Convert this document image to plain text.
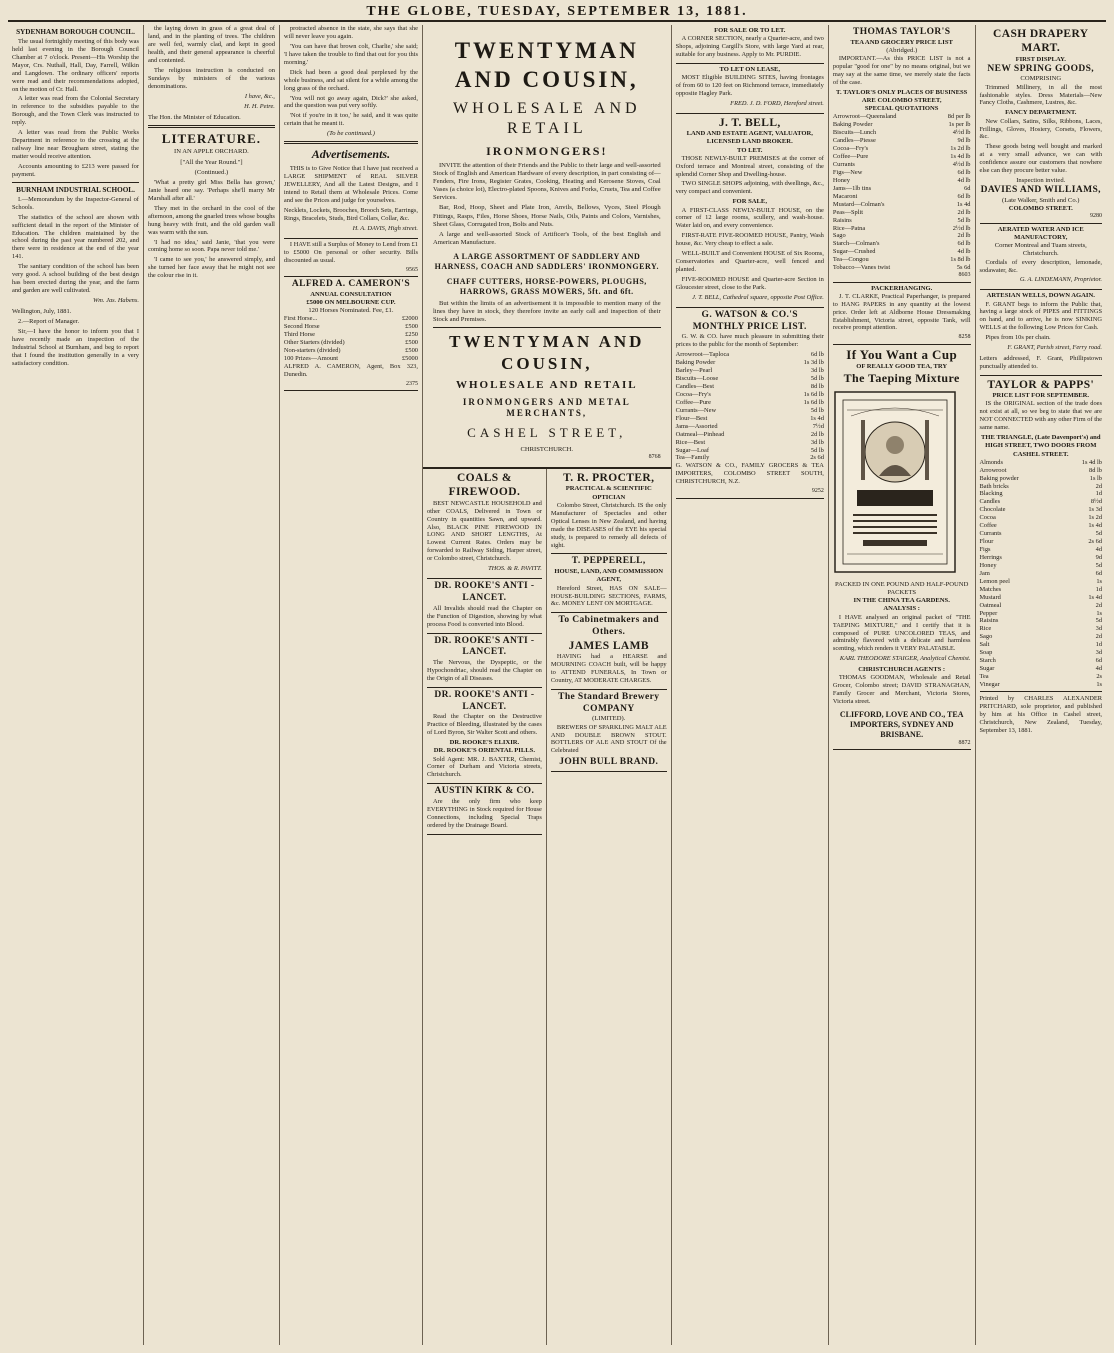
THE GLOBE, TUESDAY, SEPTEMBER 13, 1881.
SYDENHAM BOROUGH COUNCIL.

The usual fortnightly meeting of this body was held last evening in the Borough Council Chamber at 7 o'clock. Present—His Worship the Mayor, Crs. Nuthall, Hall, Day, Farrell, Wilkin and Langdown. The ordinary officers' reports were read and their recommendations adopted, on the motion of Cr. Hall.

A letter was read from the Colonial Secretary in reference to the subsidies payable to the Borough, and the Town Clerk was instructed to reply.

A letter was read from the Public Works Department in reference to the crossing at the railway line near Brougham street, stating the matter would receive attention.

Accounts amounting to £213 were passed for payment.

BURNHAM INDUSTRIAL SCHOOL.

I.—Memorandum by the Inspector-General of Schools.

The statistics of the school are shown with sufficient detail in the report of the Minister of Education. The children maintained by the school during the past year numbered 202, and there were in residence at the end of the year 141.

The sanitary condition of the school has been very good. A school building of the best design has been erected during the year, and the farm and garden are well cultivated.

Wm. Jas. Habens.

Wellington, July, 1881.

2.—Report of Manager.

Sir,—I have the honor to inform you that I have recently made an inspection of the Industrial School at Burnham, and beg to report that I found the institution generally in a very satisfactory condition.

the laying down in grass of a great deal of land, and in the planting of trees. The children are well fed, warmly clad, and kept in good health, and their general appearance is cheerful and contented.

The religious instruction is conducted on Sundays by ministers of the various denominations.

I have, &c.,
H. H. Petre.

The Hon. the Minister of Education.

LITERATURE.
IN AN APPLE ORCHARD.
["All the Year Round."]
(Continued.)

'What a pretty girl Miss Bella has grown,' Janie heard one say. 'Perhaps she'll marry Mr Marshall after all.'

They met in the orchard in the cool of the afternoon, among the gnarled trees whose boughs hung heavy with fruit, and the old garden wall was warm with the sun.

'I had no idea,' said Janie, 'that you were coming home so soon. Papa never told me.'

'I came to see you,' he answered simply, and she turned her face away that he might not see the colour rise in it.

protracted absence in the state, she says that she will never leave you again.

'You can have that brown colt, Charlie,' she said; 'I have taken the trouble to find that out for you this morning.'

Dick had been a good deal perplexed by the whole business, and sat silent for a while among the long grass of the orchard.

'You will not go away again, Dick?' she asked, and the question was put very softly.

'Not if you're in it too,' he said, and it was quite certain that he meant it.

(To be continued.)
Advertisements.

THIS is to Give Notice that I have just received a LARGE SHIPMENT of REAL SILVER JEWELLERY, And all the Latest Designs, and I intend to Retail them at Wholesale Prices. Come and see the Prices and judge for yourselves.

Necklets, Lockets, Brooches, Brooch Sets, Earrings, Rings, Bracelets, Studs, Bird Collars, Collar, &c.

H. A. DAVIS, High street.

I HAVE still a Surplus of Money to Lend from £1 to £5000 On personal or other security. Bills discounted as usual.

9565
ALFRED A. CAMERON'S
ANNUAL CONSULTATION
£5000 ON MELBOURNE CUP.
120 Horses Nominated. Fee, £1.
First Horse...	£2000
Second Horse	£500
Third Horse	£250
Other Starters (divided)	£500
Non-starters (divided)	£500
100 Prizes—Amount	£5000

ALFRED A. CAMERON, Agent, Box 323, Dunedin.

2375
TWENTYMAN AND COUSIN,
WHOLESALE AND RETAIL
IRONMONGERS!

INVITE the attention of their Friends and the Public to their large and well-assorted Stock of English and American Hardware of every description, in part consisting of— Fenders, Fire Irons, Register Grates, Cooking, Heating and Kerosene Stoves, Coal Vases (a choice lot), Electro-plated Spoons, Knives and Forks, Cruets, Tea and Coffee Services.

Bar, Rod, Hoop, Sheet and Plate Iron, Anvils, Bellows, Vyces, Steel Plough Fittings, Rasps, Files, Horse Shoes, Horse Nails, Oils, Paints and Colors, Varnishes, Sheet Glass, Corrugated Iron, Bolts and Nuts.

A large and well-assorted Stock of Artificer's Tools, of the best English and American Manufacture.

A LARGE ASSORTMENT OF SADDLERY AND HARNESS, COACH AND SADDLERS' IRONMONGERY.
CHAFF CUTTERS, HORSE-POWERS, PLOUGHS, HARROWS, GRASS MOWERS, 5ft. and 6ft.

But within the limits of an advertisement it is impossible to mention many of the lines they have in stock, they therefore invite an early call and inspection of their Stock and Premises.

TWENTYMAN AND COUSIN,
WHOLESALE AND RETAIL
IRONMONGERS AND METAL MERCHANTS,
CASHEL STREET,
CHRISTCHURCH.
8768
COALS & FIREWOOD.

BEST NEWCASTLE HOUSEHOLD and other COALS, Delivered in Town or Country in quantities Sawn, and upward. Also, BLACK PINE FIREWOOD IN LONG AND SHORT LENGTHS, At Lowest Current Rates. Orders may be forwarded to Railway Siding, Harper street, or Colombo street, Christchurch.

THOS. & R. PAVITT.
DR. ROOKE'S ANTI - LANCET.

All Invalids should read the Chapter on the Function of Digestion, showing by what process Food is converted into Blood.

DR. ROOKE'S ANTI - LANCET.

The Nervous, the Dyspeptic, or the Hypochondriac, should read the Chapter on the Origin of all Diseases.

DR. ROOKE'S ANTI - LANCET.

Read the Chapter on the Destructive Practice of Bleeding, illustrated by the cases of Lord Byron, Sir Walter Scott and others.

DR. ROOKE'S ELIXIR.
DR. ROOKE'S ORIENTAL PILLS.

Sold Agent: MR. J. BAXTER, Chemist, Corner of Durham and Victoria streets, Christchurch.

AUSTIN KIRK & CO.

Are the only firm who keep EVERYTHING in Stock required for House Connections, including Special Traps ordered by the Drainage Board.

T. R. PROCTER,
PRACTICAL & SCIENTIFIC OPTICIAN

Colombo Street, Christchurch. IS the only Manufacturer of Spectacles and other Optical Lenses in New Zealand, and having made the DISEASES of the EYE his special study, is prepared to remedy all defects of sight.

T. PEPPERELL,
HOUSE, LAND, AND COMMISSION AGENT,

Hereford Street, HAS ON SALE—HOUSE-BUILDING SECTIONS, FARMS, &c. MONEY LENT ON MORTGAGE.

To Cabinetmakers and Others.
JAMES LAMB

HAVING had a HEARSE and MOURNING COACH built, will be happy to ATTEND FUNERALS, In Town or Country, AT MODERATE CHARGES.

The Standard Brewery COMPANY
(LIMITED).

BREWERS OF SPARKLING MALT ALE AND DOUBLE BROWN STOUT. BOTTLERS OF ALE AND STOUT Of the Celebrated

JOHN BULL BRAND.
FOR SALE OR TO LET.

A CORNER SECTION, nearly a Quarter-acre, and two Shops, adjoining Cargill's Store, with large Yard at rear, suitable for any business. Apply to Mr. PURDIE.

TO LET ON LEASE,

MOST Eligible BUILDING SITES, having frontages of from 60 to 120 feet on Richmond terrace, immediately opposite Hagley Park.

FRED. J. D. FORD, Hereford street.
J. T. BELL,
LAND AND ESTATE AGENT, VALUATOR, LICENSED LAND BROKER.
TO LET.

THOSE NEWLY-BUILT PREMISES at the corner of Oxford terrace and Montreal street, consisting of the splendid Corner Shop and Dwelling-house.

TWO SINGLE SHOPS adjoining, with dwellings, &c., very compact and convenient.

FOR SALE,

A FIRST-CLASS NEWLY-BUILT HOUSE, on the corner of 12 large rooms, scullery, and wash-house. Water laid on, and every convenience.

FIRST-RATE FIVE-ROOMED HOUSE, Pantry, Wash house, &c. Very cheap to effect a sale.

WELL-BUILT and Convenient HOUSE of Six Rooms, Conservatories and Quarter-acre, well fenced and planted.

FIVE-ROOMED HOUSE and Quarter-acre Section in Gloucester street, close to the Park.

J. T. BELL, Cathedral square, opposite Post Office.
G. WATSON & CO.'S MONTHLY PRICE LIST.

G. W. & CO. have much pleasure in submitting their prices to the public for the month of September:

Arrowroot—Taploca	6d lb
Baking Powder	1s 3d lb
Barley—Pearl	3d lb
Biscuits—Loose	5d lb
Candles—Best	8d lb
Cocoa—Fry's	1s 6d lb
Coffee—Pure	1s 6d lb
Currants—New	5d lb
Flour—Best	1s 4d
Jams—Assorted	7½d
Oatmeal—Pinhead	2d lb
Rice—Best	3d lb
Sugar—Loaf	5d lb
Tea—Family	2s 6d

G. WATSON & CO., FAMILY GROCERS & TEA IMPORTERS, COLOMBO STREET SOUTH, CHRISTCHURCH, N.Z.

9252
THOMAS TAYLOR'S
TEA AND GROCERY PRICE LIST
(Abridged.)

IMPORTANT.—As this PRICE LIST is not a popular "good for one" by no means original, but we may say at the same time, we merely state the facts of the case.

T. TAYLOR'S ONLY PLACES OF BUSINESS ARE COLOMBO STREET,
SPECIAL QUOTATIONS
Arrowroot—Queensland	8d per lb
Baking Powder	1s per lb
Biscuits—Lunch	4½d lb
Candles—Piesse	9d lb
Cocoa—Fry's	1s 2d lb
Coffee—Pure	1s 4d lb
Currants	4½d lb
Figs—New	6d lb
Honey	4d lb
Jams—1lb tins	6d
Macaroni	6d lb
Mustard—Colman's	1s 4d
Peas—Split	2d lb
Raisins	5d lb
Rice—Patna	2½d lb
Sago	2d lb
Starch—Colman's	6d lb
Sugar—Crushed	4d lb
Tea—Congou	1s 8d lb
Tobacco—Vanes twist	5s 6d
8603
PACKERHANGING.

J. T. CLARKE, Practical Paperhanger, is prepared to HANG PAPERS in any quantity at the lowest price. Order left at Aldborne House Dressmaking Establishment, Victoria street, opposite Tank, will receive prompt attention.

8258
If You Want a Cup
OF REALLY GOOD TEA, TRY
The Taeping Mixture
PACKED IN ONE POUND AND HALF-POUND PACKETS
IN THE CHINA TEA GARDENS.
ANALYSIS :

I HAVE analysed an original packet of "THE TAEPING MIXTURE," and I certify that it is composed of PURE UNCOLORED TEAS, and admirably flavored with a delicate and harmless scenting, which renders it VERY PALATABLE.

KARL THEODORE STAIGER, Analytical Chemist.
CHRISTCHURCH AGENTS :

THOMAS GOODMAN, Wholesale and Retail Grocer, Colombo street; DAVID STRANAGHAN, Family Grocer and Merchant, Victoria Stores, Victoria street.

CLIFFORD, LOVE AND CO., TEA IMPORTERS, SYDNEY AND BRISBANE.
8872
CASH DRAPERY MART.
FIRST DISPLAY.
NEW SPRING GOODS,
COMPRISING

Trimmed Millinery, in all the most fashionable styles. Dress Materials—New Fancy Cloths, Cashmere, Lustres, &c.

FANCY DEPARTMENT.

New Collars, Satins, Silks, Ribbons, Laces, Frillings, Gloves, Hosiery, Corsets, Flowers, &c.

These goods being well bought and marked at a very small advance, we can with confidence assure our customers that nowhere else can they procure better value.

Inspection invited.
DAVIES AND WILLIAMS,
(Late Walker, Smith and Co.)
COLOMBO STREET.
9280
AERATED WATER AND ICE MANUFACTORY,
Corner Montreal and Tuam streets, Christchurch.

Cordials of every description, lemonade, sodawater, &c.

G. A. LINDEMANN, Proprietor.
ARTESIAN WELLS, DOWN AGAIN.

F. GRANT begs to inform the Public that, having a large stock of PIPES and FITTINGS on hand, and to arrive, he is now SINKING WELLS at the following Low Prices for Cash.

Pipes from 10s per chain.

F. GRANT, Parish street, Ferry road.

Letters addressed, F. Grant, Phillipstown punctually attended to.

TAYLOR & PAPPS'
PRICE LIST FOR SEPTEMBER.

IS the ORIGINAL section of the trade does not exist at all, so we beg to state that we are NOT CONNECTED with any other Firm of the same name.

THE TRIANGLE, (Late Davenport's) and HIGH STREET, TWO DOORS FROM CASHEL STREET.
Almonds	1s 4d lb
Arrowroot	8d lb
Baking powder	1s lb
Bath bricks	2d
Blacking	1d
Candles	8½d
Chocolate	1s 3d
Cocoa	1s 2d
Coffee	1s 4d
Currants	5d
Flour	2s 6d
Figs	4d
Herrings	9d
Honey	5d
Jam	6d
Lemon peel	1s
Matches	1d
Mustard	1s 4d
Oatmeal	2d
Pepper	1s
Raisins	5d
Rice	3d
Sago	2d
Salt	1d
Soap	3d
Starch	6d
Sugar	4d
Tea	2s
Vinegar	1s

Printed by CHARLES ALEXANDER PRITCHARD, sole proprietor, and published by him at his Office in Cashel street, Christchurch, New Zealand, Tuesday, September 13, 1881.
